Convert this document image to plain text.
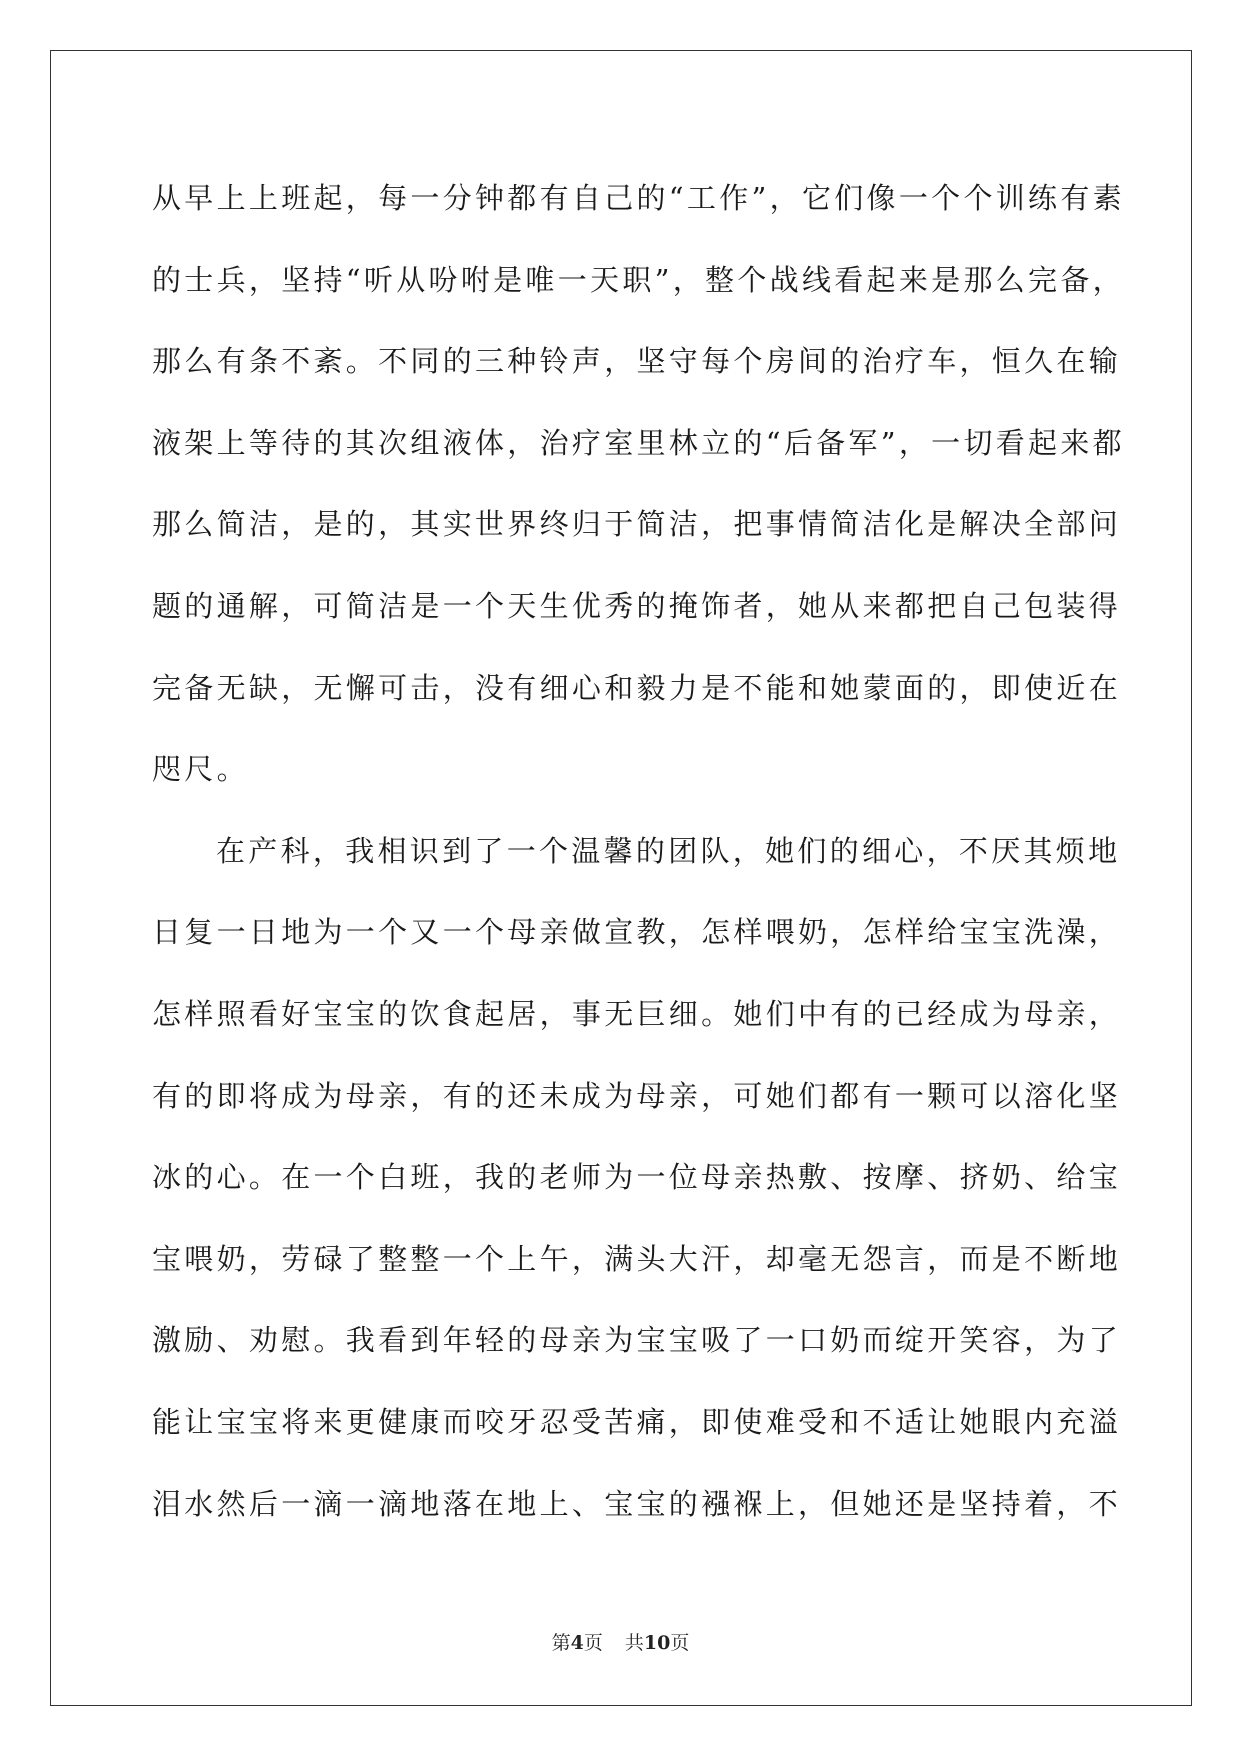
从早上上班起，每一分钟都有自己的“工作”，它们像一个个训练有素
的士兵，坚持“听从吩咐是唯一天职”，整个战线看起来是那么完备，
那么有条不紊。不同的三种铃声，坚守每个房间的治疗车，恒久在输
液架上等待的其次组液体，治疗室里林立的“后备军”，一切看起来都
那么简洁，是的，其实世界终归于简洁，把事情简洁化是解决全部问
题的通解，可简洁是一个天生优秀的掩饰者，她从来都把自己包装得
完备无缺，无懈可击，没有细心和毅力是不能和她蒙面的，即使近在
咫尺。
在产科，我相识到了一个温馨的团队，她们的细心，不厌其烦地
日复一日地为一个又一个母亲做宣教，怎样喂奶，怎样给宝宝洗澡，
怎样照看好宝宝的饮食起居，事无巨细。她们中有的已经成为母亲，
有的即将成为母亲，有的还未成为母亲，可她们都有一颗可以溶化坚
冰的心。在一个白班，我的老师为一位母亲热敷、按摩、挤奶、给宝
宝喂奶，劳碌了整整一个上午，满头大汗，却毫无怨言，而是不断地
激励、劝慰。我看到年轻的母亲为宝宝吸了一口奶而绽开笑容，为了
能让宝宝将来更健康而咬牙忍受苦痛，即使难受和不适让她眼内充溢
泪水然后一滴一滴地落在地上、宝宝的襁褓上，但她还是坚持着，不
第4页 共10页
